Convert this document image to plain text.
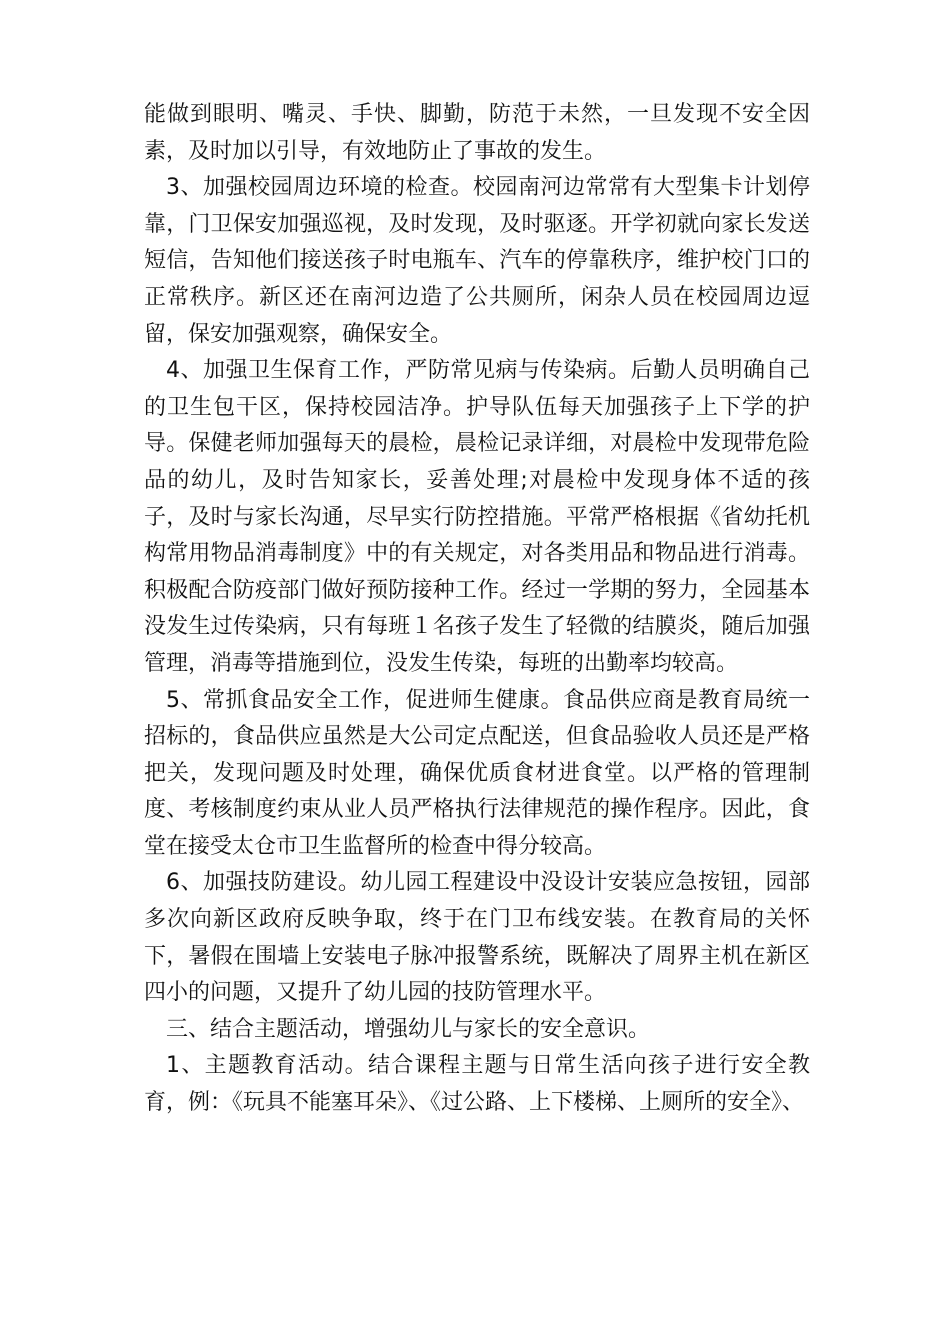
能做到眼明、嘴灵、手快、脚勤，防范于未然，一旦发现不安全因素，及时加以引导，有效地防止了事故的发生。

3、加强校园周边环境的检查。校园南河边常常有大型集卡计划停靠，门卫保安加强巡视，及时发现，及时驱逐。开学初就向家长发送短信，告知他们接送孩子时电瓶车、汽车的停靠秩序，维护校门口的正常秩序。新区还在南河边造了公共厕所，闲杂人员在校园周边逗留，保安加强观察，确保安全。

4、加强卫生保育工作，严防常见病与传染病。后勤人员明确自己的卫生包干区，保持校园洁净。护导队伍每天加强孩子上下学的护导。保健老师加强每天的晨检，晨检记录详细，对晨检中发现带危险品的幼儿，及时告知家长，妥善处理;对晨检中发现身体不适的孩子，及时与家长沟通，尽早实行防控措施。平常严格根据《省幼托机构常用物品消毒制度》中的有关规定，对各类用品和物品进行消毒。积极配合防疫部门做好预防接种工作。经过一学期的努力，全园基本没发生过传染病，只有每班１名孩子发生了轻微的结膜炎，随后加强管理，消毒等措施到位，没发生传染，每班的出勤率均较高。

5、常抓食品安全工作，促进师生健康。食品供应商是教育局统一招标的，食品供应虽然是大公司定点配送，但食品验收人员还是严格把关，发现问题及时处理，确保优质食材进食堂。以严格的管理制度、考核制度约束从业人员严格执行法律规范的操作程序。因此，食堂在接受太仓市卫生监督所的检查中得分较高。

6、加强技防建设。幼儿园工程建设中没设计安装应急按钮，园部多次向新区政府反映争取，终于在门卫布线安装。在教育局的关怀下，暑假在围墙上安装电子脉冲报警系统，既解决了周界主机在新区四小的问题，又提升了幼儿园的技防管理水平。

三、结合主题活动，增强幼儿与家长的安全意识。

1、主题教育活动。结合课程主题与日常生活向孩子进行安全教育，例：《玩具不能塞耳朵》、《过公路、上下楼梯、上厕所的安全》、
